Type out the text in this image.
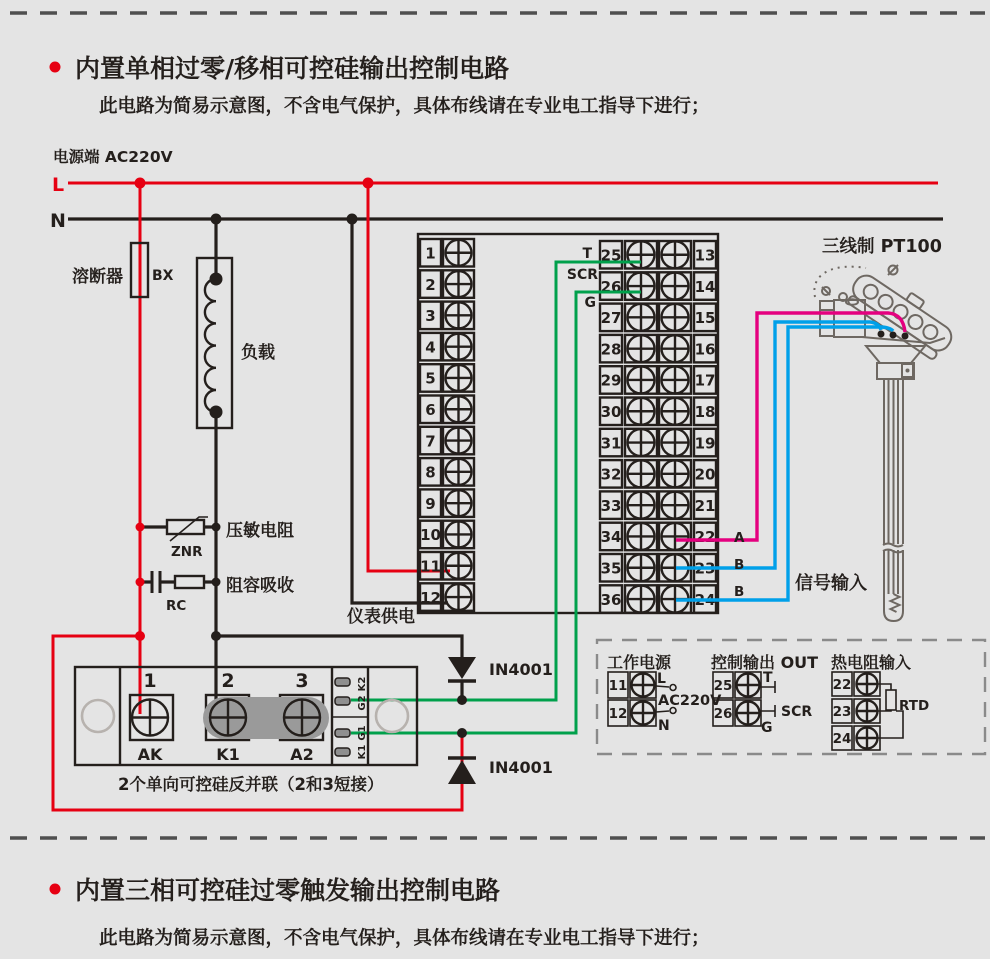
内置单相过零/移相可控硅输出控制电路
此电路为简易示意图，不含电气保护，具体布线请在专业电工指导下进行；
电源端 AC220V
L
N
溶断器 BX
负载
压敏电阻
ZNR
阻容吸收
RC
仪表供电
1
2
3
4
5
6
7
8
9
10
11
12
25	13
26	14
27	15
28	16
29	17
30	18
31	19
32	20
33	21
34	22
35	23
36	24
T
SCR
G
IN4001
IN4001
1	2	3
AK	K1	A2
K2
G2
G1
K1
2个单向可控硅反并联（2和3短接）
三线制 PT100
A
B
B	信号输入
工作电源 控制输出 OUT 热电阻输入
11
12
25
26
22
23
24
L
AC220V
N
T
SCR
G
RTD
内置三相可控硅过零触发输出控制电路
此电路为简易示意图，不含电气保护，具体布线请在专业电工指导下进行；
